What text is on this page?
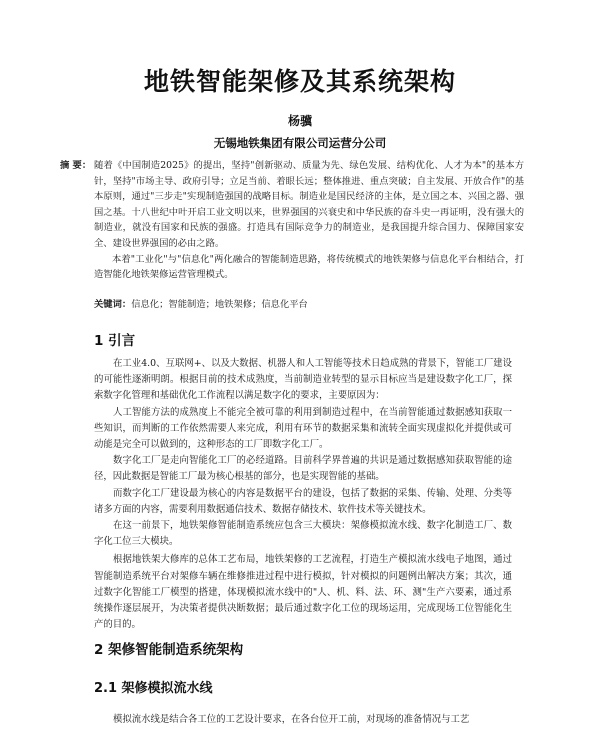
地铁智能架修及其系统架构
杨骥
无锡地铁集团有限公司运营分公司
摘 要： 随着《中国制造2025》的提出，坚持"创新驱动、质量为先、绿色发展、结构优化、人才为本"的基本方针，坚持"市场主导、政府引导；立足当前、着眼长远；整体推进、重点突破；自主发展、开放合作"的基本原则，通过"三步走"实现制造强国的战略目标。制造业是国民经济的主体，是立国之本、兴国之器、强国之基。十八世纪中叶开启工业文明以来，世界强国的兴衰史和中华民族的奋斗史一再证明，没有强大的制造业，就没有国家和民族的强盛。打造具有国际竞争力的制造业，是我国提升综合国力、保障国家安全、建设世界强国的必由之路。

本着"工业化"与"信息化"两化融合的智能制造思路，将传统模式的地铁架修与信息化平台相结合，打造智能化地铁架修运营管理模式。

关键词：信息化；智能制造；地铁架修；信息化平台
1 引言

在工业4.0、互联网+、以及大数据、机器人和人工智能等技术日趋成熟的背景下，智能工厂建设的可能性逐渐明朗。根据目前的技术成熟度，当前制造业转型的显示目标应当是建设数字化工厂，探索数字化管理和基础优化工作流程以满足数字化的要求，主要原因为：

人工智能方法的成熟度上不能完全被可靠的利用到制造过程中，在当前智能通过数据感知获取一些知识，而判断的工作依然需要人来完成，利用有环节的数据采集和流转全面实现虚拟化并提供或可动能是完全可以做到的，这种形态的工厂即数字化工厂。

数字化工厂是走向智能化工厂的必经道路。目前科学界普遍的共识是通过数据感知获取智能的途径，因此数据是智能工厂最为核心根基的部分，也是实现智能的基础。

而数字化工厂建设最为核心的内容是数据平台的建设，包括了数据的采集、传输、处理、分类等诸多方面的内容，需要利用数据通信技术、数据存储技术、软件技术等关键技术。

在这一前景下，地铁架修智能制造系统应包含三大模块：架修模拟流水线、数字化制造工厂、数字化工位三大模块。

根据地铁架大修库的总体工艺布局，地铁架修的工艺流程，打造生产模拟流水线电子地图，通过智能制造系统平台对架修车辆在维修推进过程中进行模拟，针对模拟的问题例出解决方案；其次，通过数字化智能工厂模型的搭建，体现模拟流水线中的"人、机、料、法、环、测"生产六要素，通过系统操作逐层展开，为决策者提供决断数据；最后通过数字化工位的现场运用，完成现场工位智能化生产的目的。

2 架修智能制造系统架构
2.1 架修模拟流水线

模拟流水线是结合各工位的工艺设计要求，在各台位开工前，对现场的准备情况与工艺
